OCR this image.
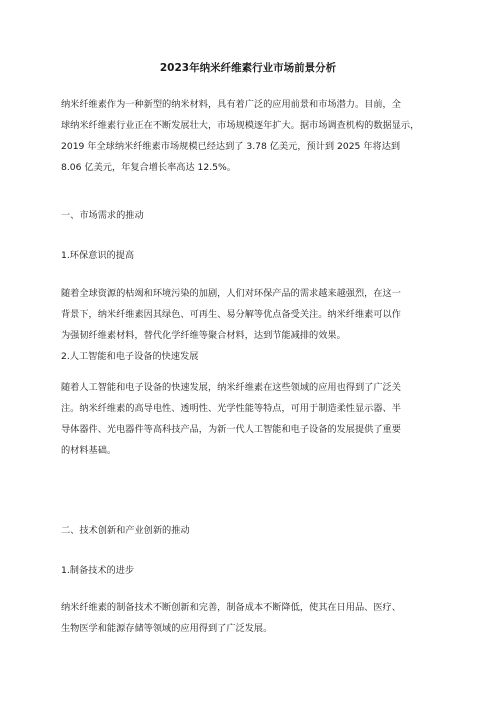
2023年纳米纤维素行业市场前景分析
纳米纤维素作为一种新型的纳米材料，具有着广泛的应用前景和市场潜力。目前，全
球纳米纤维素行业正在不断发展壮大，市场规模逐年扩大。据市场调查机构的数据显示，
2019 年全球纳米纤维素市场规模已经达到了 3.78 亿美元，预计到 2025 年将达到
8.06 亿美元，年复合增长率高达 12.5%。
一、市场需求的推动
1.环保意识的提高
随着全球资源的枯竭和环境污染的加剧，人们对环保产品的需求越来越强烈，在这一
背景下，纳米纤维素因其绿色、可再生、易分解等优点备受关注。纳米纤维素可以作
为强韧纤维素材料，替代化学纤维等聚合材料，达到节能减排的效果。
2.人工智能和电子设备的快速发展
随着人工智能和电子设备的快速发展，纳米纤维素在这些领域的应用也得到了广泛关
注。纳米纤维素的高导电性、透明性、光学性能等特点，可用于制造柔性显示器、半
导体器件、光电器件等高科技产品，为新一代人工智能和电子设备的发展提供了重要
的材料基础。
二、技术创新和产业创新的推动
1.制备技术的进步
纳米纤维素的制备技术不断创新和完善，制备成本不断降低，使其在日用品、医疗、
生物医学和能源存储等领域的应用得到了广泛发展。
